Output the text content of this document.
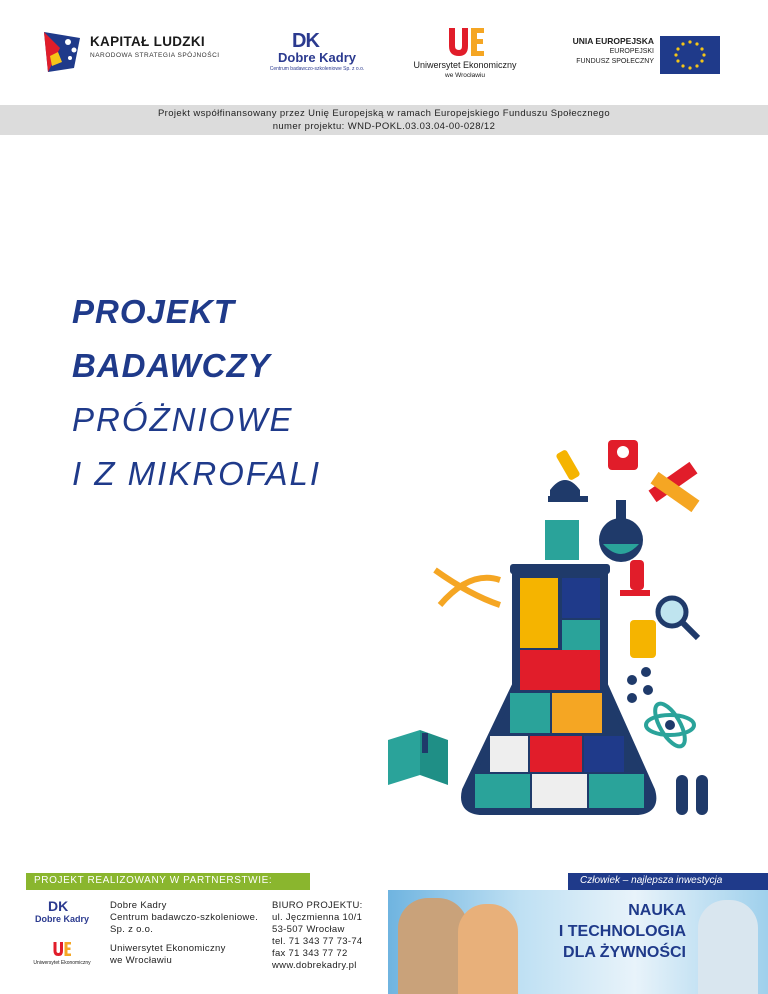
KAPITAŁ LUDZKI
NARODOWA STRATEGIA SPÓJNOŚCI
DK
Dobre Kadry
Centrum badawczo-szkoleniowe Sp. z o.o.	Uniwersytet Ekonomiczny
we Wrocławiu
UNIA EUROPEJSKA
EUROPEJSKI
FUNDUSZ SPOŁECZNY
Projekt współfinansowany przez Unię Europejską w ramach Europejskiego Funduszu Społecznego
numer projektu: WND-POKL.03.03.04-00-028/12
PROJEKT
BADAWCZY
PRÓŻNIOWE
I Z MIKROFALI
PROJEKT REALIZOWANY W PARTNERSTWIE:	Człowiek – najlepsza inwestycja
DK
Dobre Kadry
Uniwersytet Ekonomiczny
Dobre Kadry
Centrum badawczo-szkoleniowe.
Sp. z o.o.
Uniwersytet Ekonomiczny
we Wrocławiu
BIURO PROJEKTU:
ul. Jęczmienna 10/1
53-507 Wrocław
tel. 71 343 77 73-74
fax 71 343 77 72
www.dobrekadry.pl
NAUKA
I TECHNOLOGIA
DLA ŻYWNOŚCI
